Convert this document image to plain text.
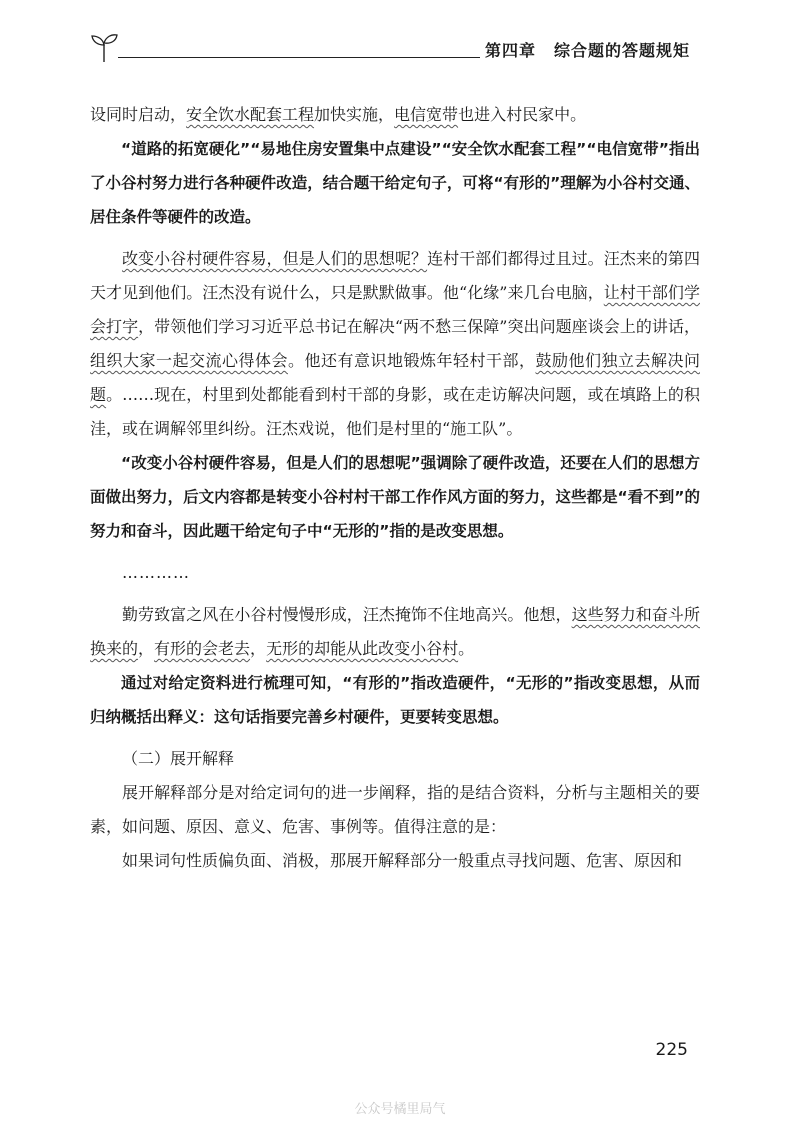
第四章 综合题的答题规矩

设同时启动，安全饮水配套工程加快实施，电信宽带也进入村民家中。

“道路的拓宽硬化”“易地住房安置集中点建设”“安全饮水配套工程”“电信宽带”指出了小谷村努力进行各种硬件改造，结合题干给定句子，可将“有形的”理解为小谷村交通、居住条件等硬件的改造。

改变小谷村硬件容易，但是人们的思想呢？连村干部们都得过且过。汪杰来的第四天才见到他们。汪杰没有说什么，只是默默做事。他“化缘”来几台电脑，让村干部们学会打字，带领他们学习习近平总书记在解决“两不愁三保障”突出问题座谈会上的讲话，组织大家一起交流心得体会。他还有意识地锻炼年轻村干部，鼓励他们独立去解决问题。……现在，村里到处都能看到村干部的身影，或在走访解决问题，或在填路上的积洼，或在调解邻里纠纷。汪杰戏说，他们是村里的“施工队”。

“改变小谷村硬件容易，但是人们的思想呢”强调除了硬件改造，还要在人们的思想方面做出努力，后文内容都是转变小谷村村干部工作作风方面的努力，这些都是“看不到”的努力和奋斗，因此题干给定句子中“无形的”指的是改变思想。

…………

勤劳致富之风在小谷村慢慢形成，汪杰掩饰不住地高兴。他想，这些努力和奋斗所换来的，有形的会老去，无形的却能从此改变小谷村。

通过对给定资料进行梳理可知，“有形的”指改造硬件，“无形的”指改变思想，从而归纳概括出释义：这句话指要完善乡村硬件，更要转变思想。

（二）展开解释

展开解释部分是对给定词句的进一步阐释，指的是结合资料，分析与主题相关的要素，如问题、原因、意义、危害、事例等。值得注意的是：

如果词句性质偏负面、消极，那展开解释部分一般重点寻找问题、危害、原因和

225
公众号橘里局气
